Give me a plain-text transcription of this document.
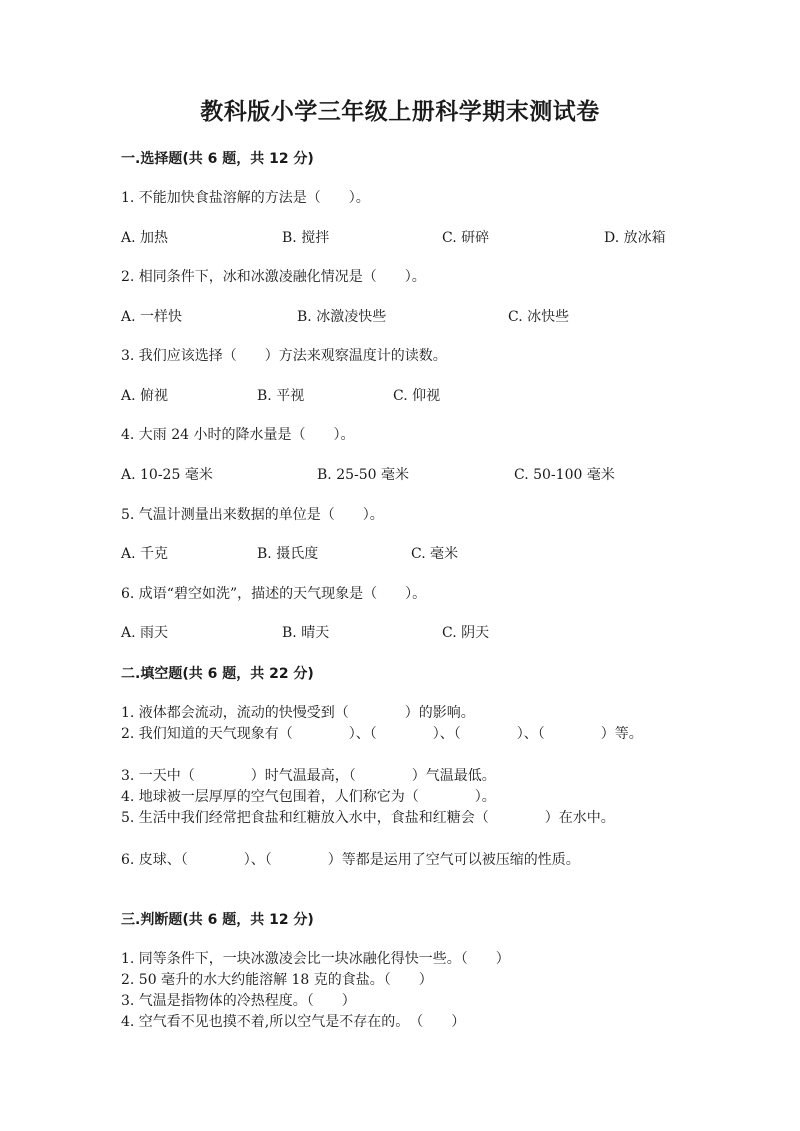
教科版小学三年级上册科学期末测试卷
一.选择题(共 6 题，共 12 分)
1. 不能加快食盐溶解的方法是（　　）。
A. 加热	B. 搅拌	C. 研碎	D. 放冰箱
2. 相同条件下，冰和冰激凌融化情况是（　　）。
A. 一样快	B. 冰激凌快些	C. 冰快些
3. 我们应该选择（　　）方法来观察温度计的读数。
A. 俯视	B. 平视	C. 仰视
4. 大雨 24 小时的降水量是（　　）。
A. 10-25 毫米	B. 25-50 毫米	C. 50-100 毫米
5. 气温计测量出来数据的单位是（　　）。
A. 千克	B. 摄氏度	C. 毫米
6. 成语“碧空如洗”，描述的天气现象是（　　）。
A. 雨天	B. 晴天	C. 阴天
二.填空题(共 6 题，共 22 分)
1. 液体都会流动，流动的快慢受到（　　　　）的影响。
2. 我们知道的天气现象有（　　　　）、（　　　　）、（　　　　）、（　　　　）等。
3. 一天中（　　　　）时气温最高，（　　　　）气温最低。
4. 地球被一层厚厚的空气包围着，人们称它为（　　　　）。
5. 生活中我们经常把食盐和红糖放入水中，食盐和红糖会（　　　　）在水中。
6. 皮球、（　　　　）、（　　　　）等都是运用了空气可以被压缩的性质。
三.判断题(共 6 题，共 12 分)
1. 同等条件下，一块冰激凌会比一块冰融化得快一些。（　　）
2. 50 毫升的水大约能溶解 18 克的食盐。（　　）
3. 气温是指物体的冷热程度。（　　）
4. 空气看不见也摸不着,所以空气是不存在的。　（　　）
